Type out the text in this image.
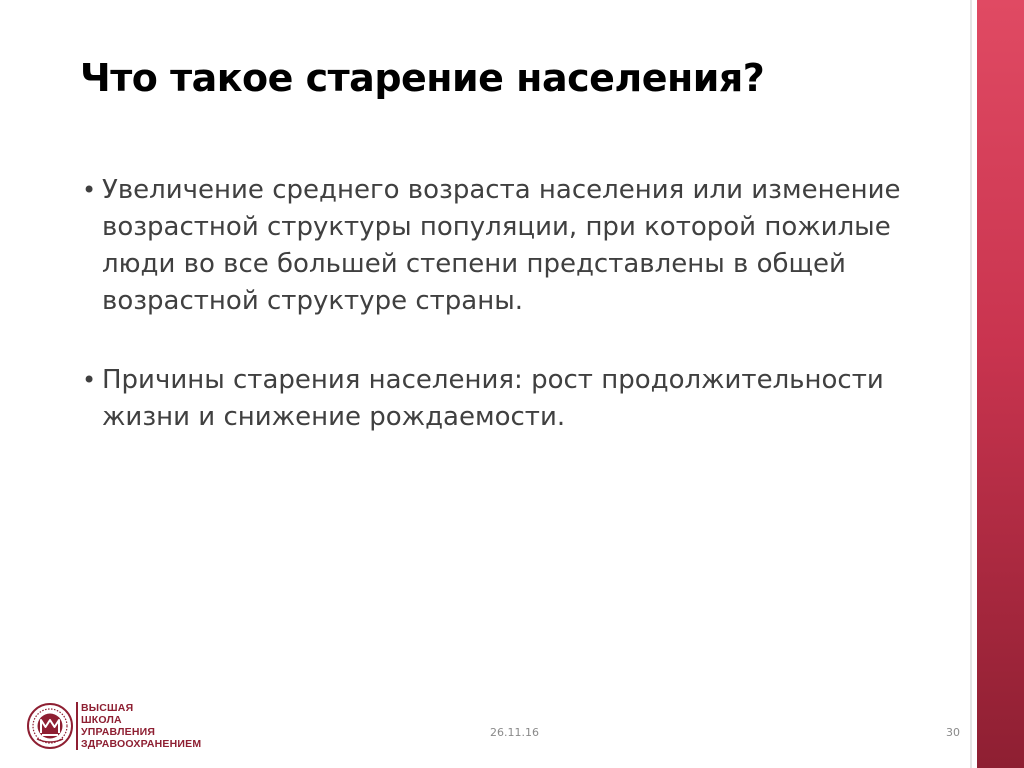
Что такое старение населения?
• Увеличение среднего возраста населения или изменение возрастной структуры популяции, при которой пожилые люди во все большей степени представлены в общей возрастной структуре страны.
• Причины старения населения: рост продолжительности жизни и снижение рождаемости.
ВЫСШАЯ
ШКОЛА
УПРАВЛЕНИЯ
ЗДРАВООХРАНЕНИЕМ
26.11.16	30
